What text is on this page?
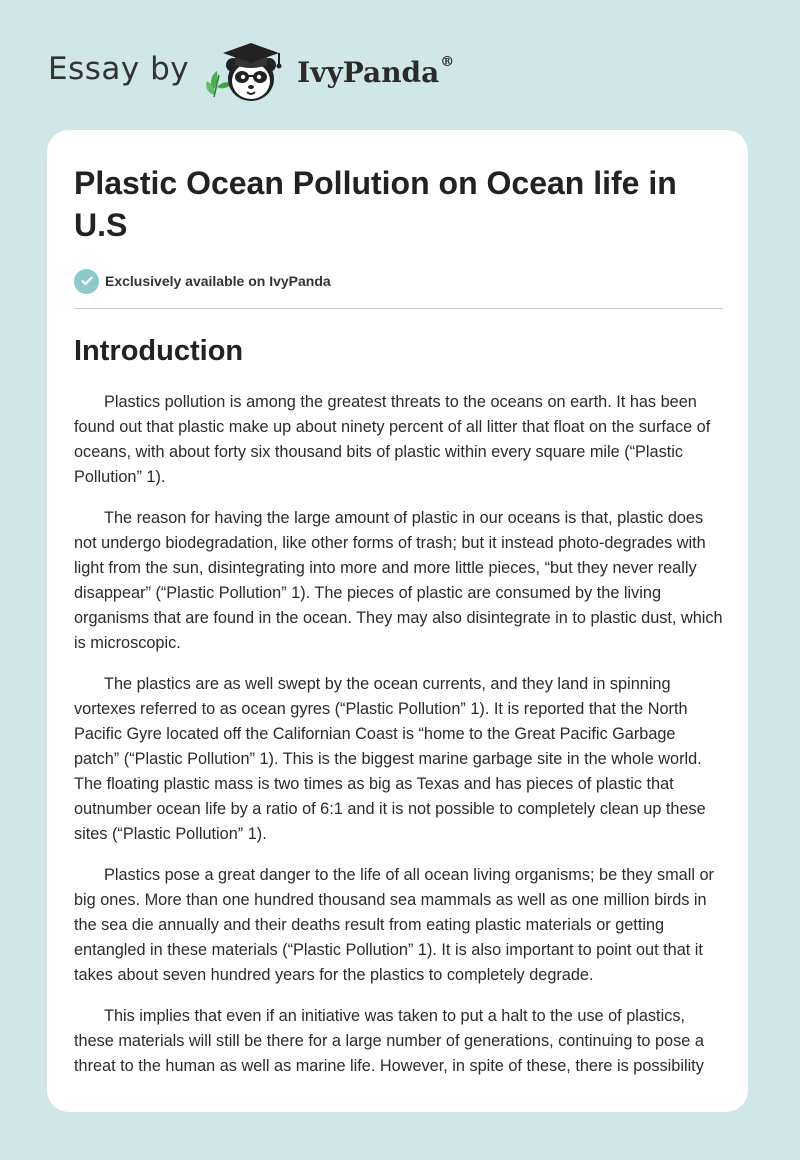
Essay by	IvyPanda®
Plastic Ocean Pollution on Ocean life in U.S
Exclusively available on IvyPanda
Introduction

Plastics pollution is among the greatest threats to the oceans on earth. It has been found out that plastic make up about ninety percent of all litter that float on the surface of oceans, with about forty six thousand bits of plastic within every square mile (“Plastic Pollution” 1).

The reason for having the large amount of plastic in our oceans is that, plastic does not undergo biodegradation, like other forms of trash; but it instead photo-degrades with light from the sun, disintegrating into more and more little pieces, “but they never really disappear” (“Plastic Pollution” 1). The pieces of plastic are consumed by the living organisms that are found in the ocean. They may also disintegrate in to plastic dust, which is microscopic.

The plastics are as well swept by the ocean currents, and they land in spinning vortexes referred to as ocean gyres (“Plastic Pollution” 1). It is reported that the North Pacific Gyre located off the Californian Coast is “home to the Great Pacific Garbage patch” (“Plastic Pollution” 1). This is the biggest marine garbage site in the whole world. The floating plastic mass is two times as big as Texas and has pieces of plastic that outnumber ocean life by a ratio of 6:1 and it is not possible to completely clean up these sites (“Plastic Pollution” 1).

Plastics pose a great danger to the life of all ocean living organisms; be they small or big ones. More than one hundred thousand sea mammals as well as one million birds in the sea die annually and their deaths result from eating plastic materials or getting entangled in these materials (“Plastic Pollution” 1). It is also important to point out that it takes about seven hundred years for the plastics to completely degrade.

This implies that even if an initiative was taken to put a halt to the use of plastics, these materials will still be there for a large number of generations, continuing to pose a threat to the human as well as marine life. However, in spite of these, there is possibility
